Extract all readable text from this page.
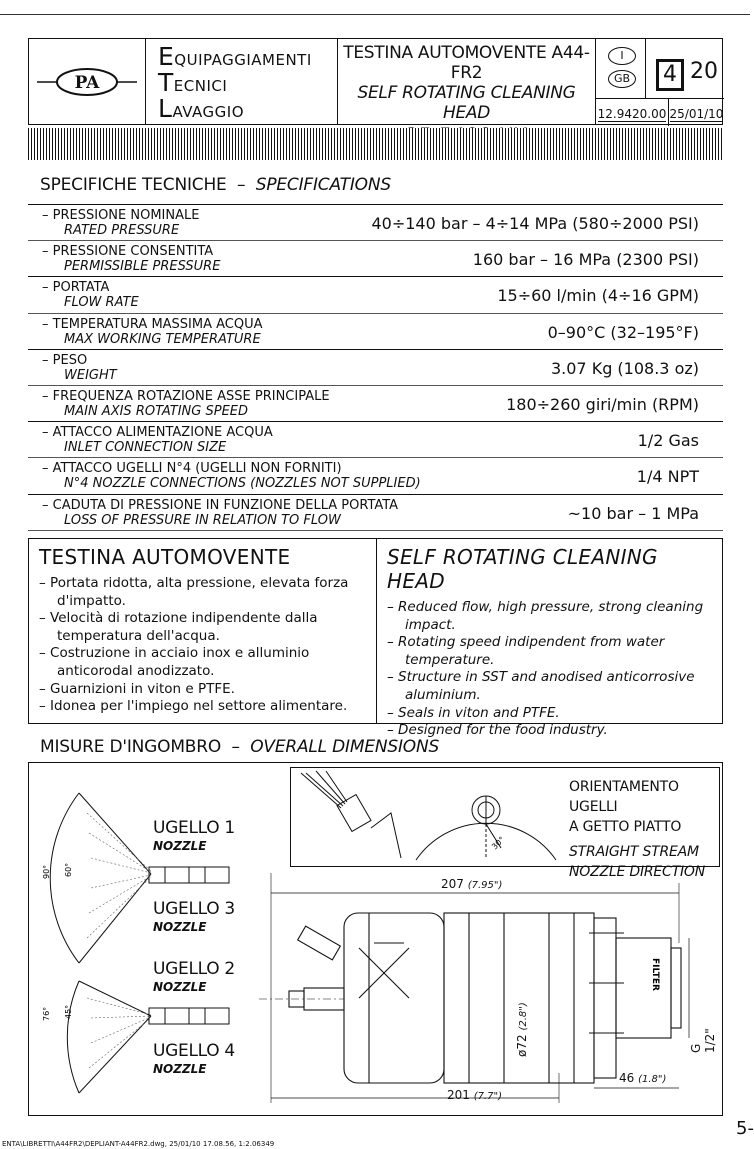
PA
EQUIPAGGIAMENTI
TECNICI
LAVAGGIO
TESTINA AUTOMOVENTE A44-FR2
SELF ROTATING CLEANING HEAD
I
GB	4 20
12.9420.00 25/01/10
SPECIFICHE TECNICHE – SPECIFICATIONS
– PRESSIONE NOMINALE
RATED PRESSURE	40÷140 bar – 4÷14 MPa (580÷2000 PSI)
– PRESSIONE CONSENTITA
PERMISSIBLE PRESSURE	160 bar – 16 MPa (2300 PSI)
– PORTATA
FLOW RATE	15÷60 l/min (4÷16 GPM)
– TEMPERATURA MASSIMA ACQUA
MAX WORKING TEMPERATURE	0–90°C (32–195°F)
– PESO
WEIGHT	3.07 Kg (108.3 oz)
– FREQUENZA ROTAZIONE ASSE PRINCIPALE
MAIN AXIS ROTATING SPEED	180÷260 giri/min (RPM)
– ATTACCO ALIMENTAZIONE ACQUA
INLET CONNECTION SIZE	1/2 Gas
– ATTACCO UGELLI N°4 (UGELLI NON FORNITI)
N°4 NOZZLE CONNECTIONS (NOZZLES NOT SUPPLIED)	1/4 NPT
– CADUTA DI PRESSIONE IN FUNZIONE DELLA PORTATA
LOSS OF PRESSURE IN RELATION TO FLOW	~10 bar – 1 MPa
TESTINA AUTOMOVENTE
– Portata ridotta, alta pressione, elevata forza d'impatto.
– Velocità di rotazione indipendente dalla temperatura dell'acqua.
– Costruzione in acciaio inox e alluminio anticorodal anodizzato.
– Guarnizioni in viton e PTFE.
– Idonea per l'impiego nel settore alimentare.
SELF ROTATING CLEANING HEAD
– Reduced flow, high pressure, strong cleaning impact.
– Rotating speed indipendent from water temperature.
– Structure in SST and anodised anticorrosive aluminium.
– Seals in viton and PTFE.
– Designed for the food industry.
MISURE D'INGOMBRO – OVERALL DIMENSIONS
90° 60°
76° 45°
UGELLO 1
NOZZLE
UGELLO 3
NOZZLE
UGELLO 2
NOZZLE
UGELLO 4
NOZZLE
30°
ORIENTAMENTO UGELLI
A GETTO PIATTO
STRAIGHT STREAM
NOZZLE DIRECTION
FILTER
207 (7.95")
201 (7.7")
46 (1.8")
ø72 (2.8")
G 1/2"
ENTA\LIBRETTI\A44FR2\DEPLIANT-A44FR2.dwg, 25/01/10 17.08.56, 1:2.06349
5-
